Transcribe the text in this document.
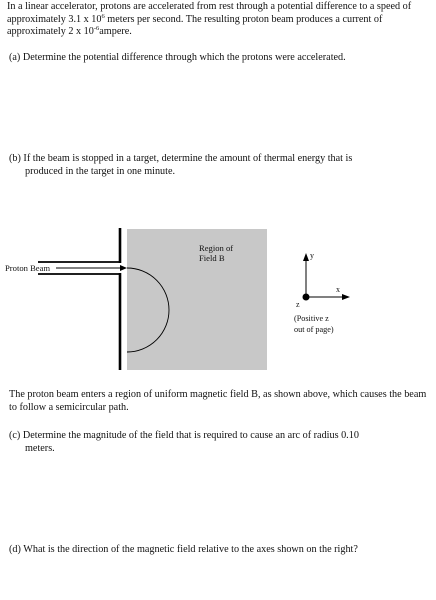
In a linear accelerator, protons are accelerated from rest through a potential difference to a speed of approximately 3.1 x $10^6$ meters per second. The resulting proton beam produces a current of approximately 2 x $10^{-6}ampere$.

(a) Determine the potential difference through which the protons were accelerated.

(b) If the beam is stopped in a target, determine the amount of thermal energy that is
produced in the target in one minute.

Region of
Field B
Proton Beam
y
x
z
(Positive z
out of page)

The proton beam enters a region of uniform magnetic field B, as shown above, which causes the beam to follow a semicircular path.

(c) Determine the magnitude of the field that is required to cause an arc of radius 0.10
meters.

(d) What is the direction of the magnetic field relative to the axes shown on the right?
